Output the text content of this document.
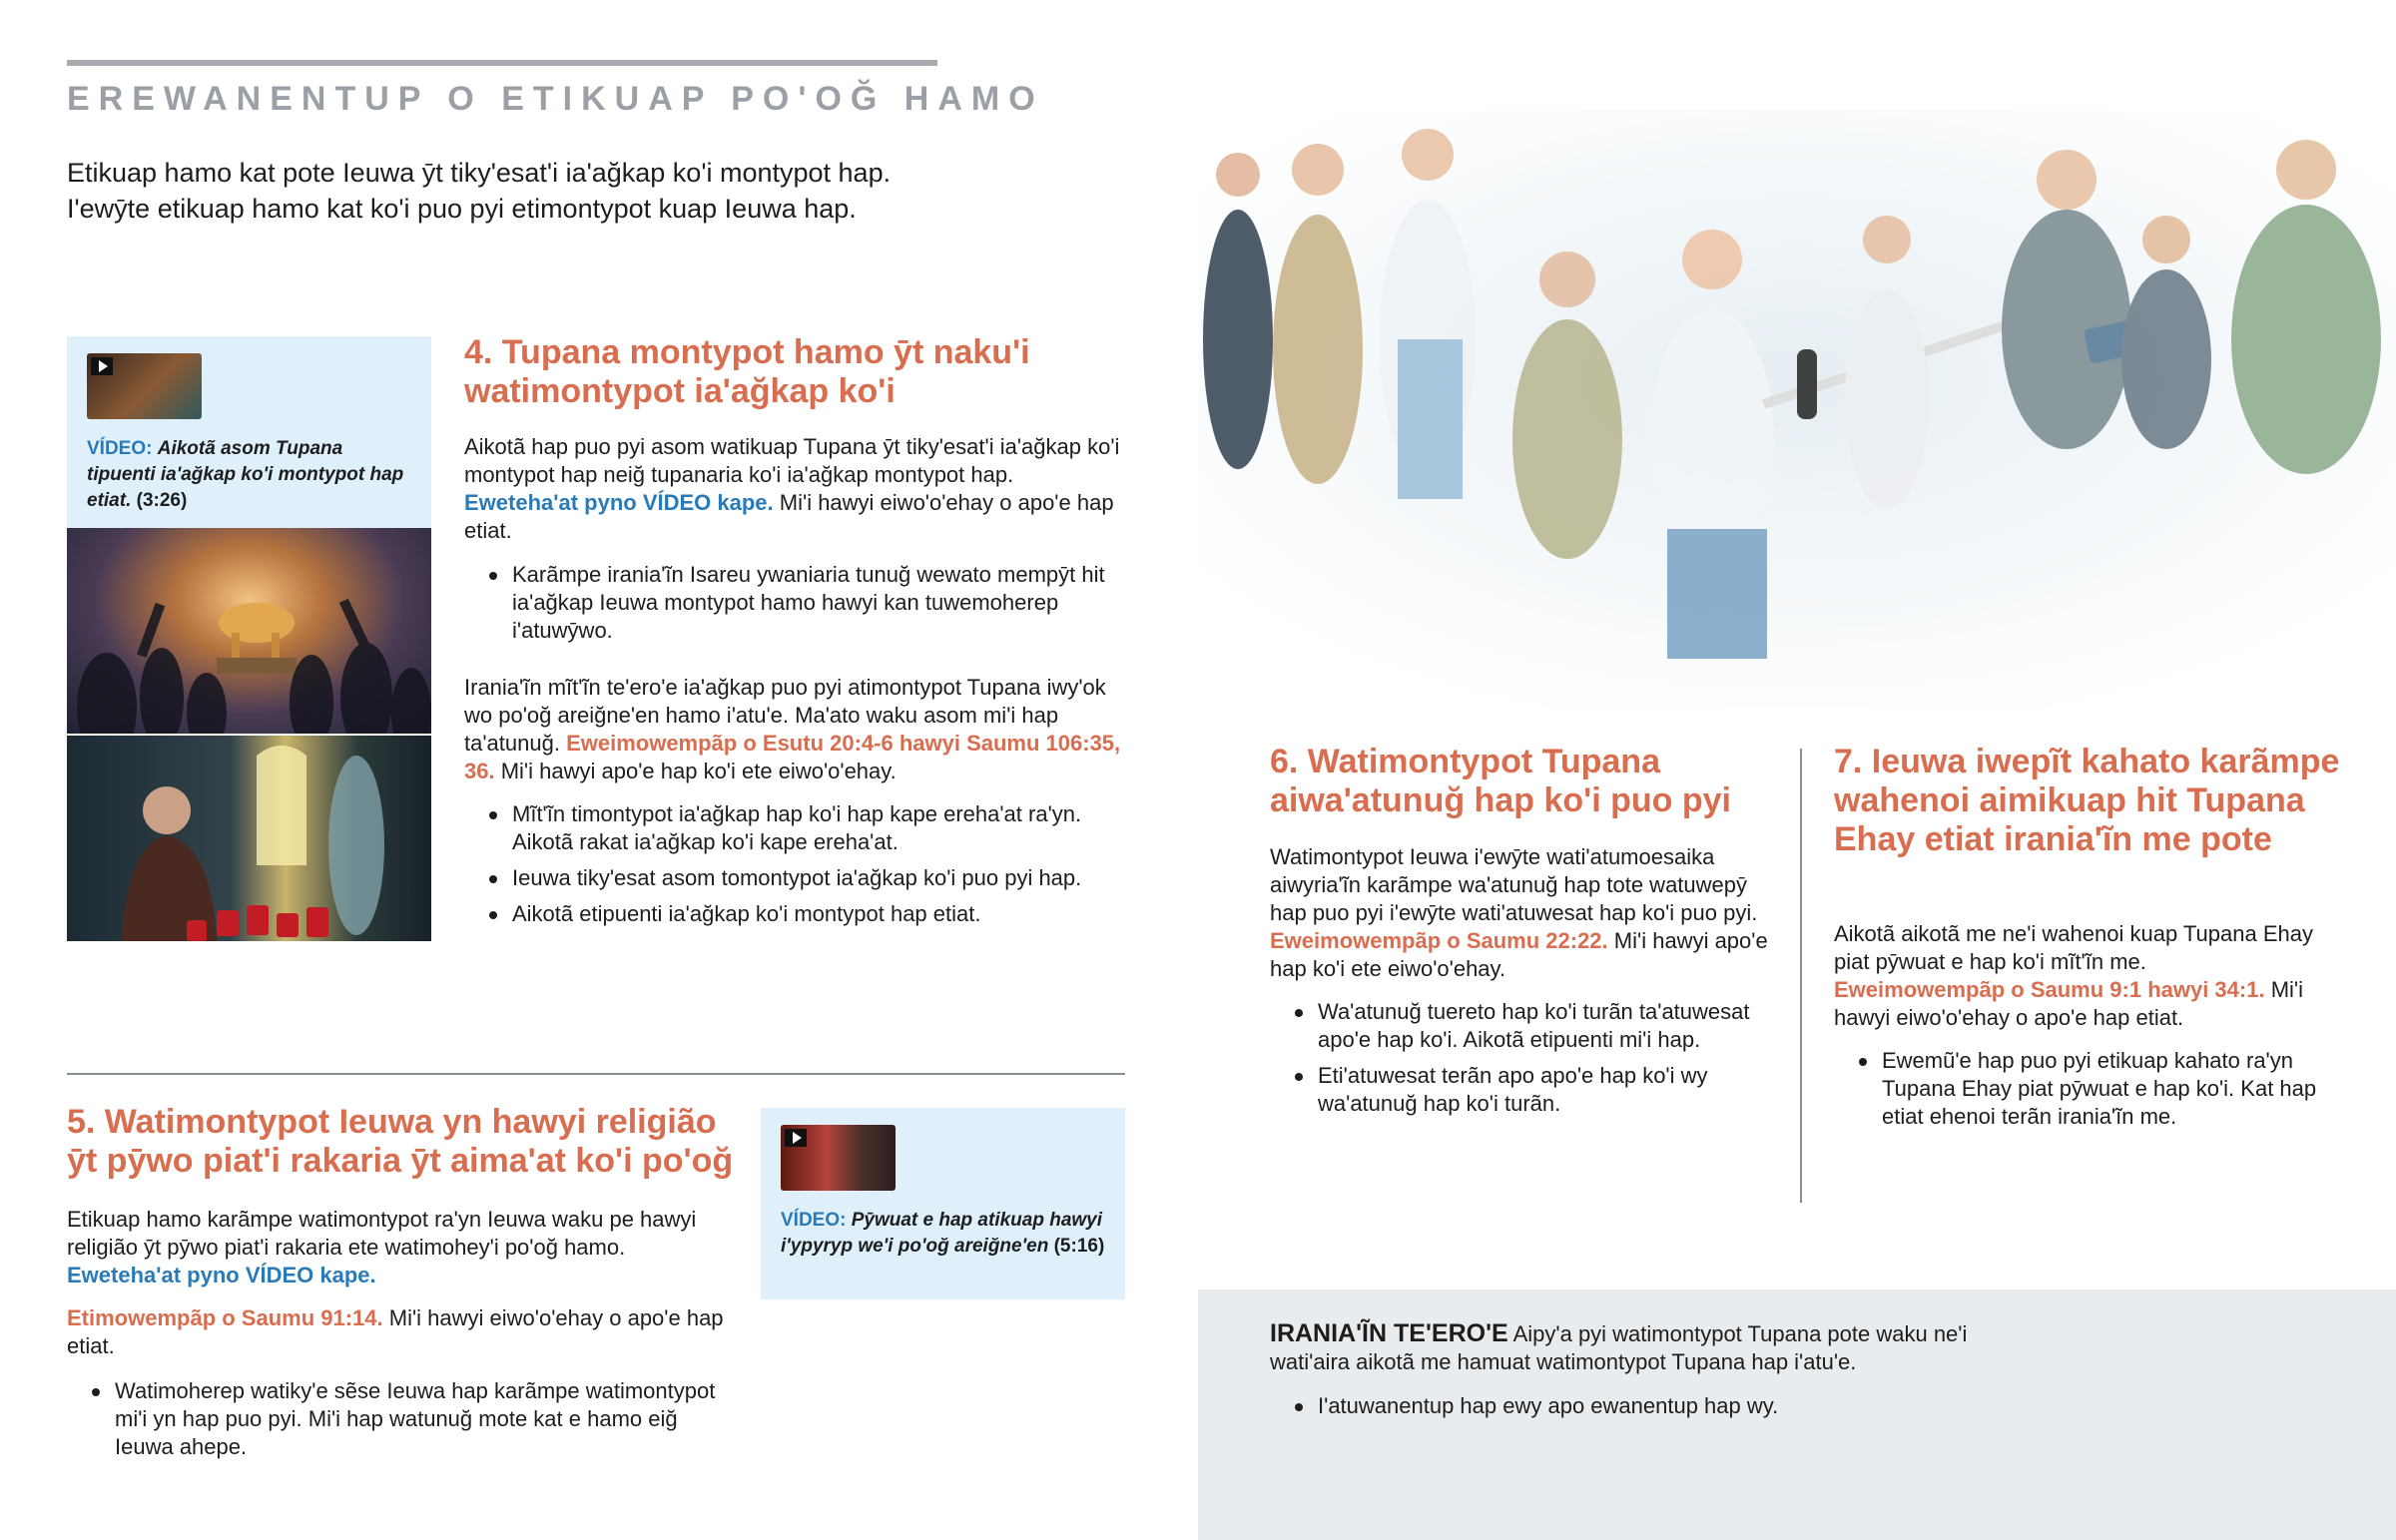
EREWANENTUP O ETIKUAP PO'OĞ HAMO
Etikuap hamo kat pote Ieuwa ӯt tiky'esat'i ia'ağkap ko'i montypot hap.
I'ewӯte etikuap hamo kat ko'i puo pyi etimontypot kuap Ieuwa hap.
VÍDEO: Aikotã asom Tupana tipuenti ia'ağkap ko'i montypot hap etiat. (3:26)
4. Tupana montypot hamo ӯt naku'i watimontypot ia'ağkap ko'i
Aikotã hap puo pyi asom watikuap Tupana ӯt tiky'esat'i ia'ağkap ko'i montypot hap neiğ tupanaria ko'i ia'ağkap montypot hap. Eweteha'at pyno VÍDEO kape. Mi'i hawyi eiwo'o'ehay o apo'e hap etiat.
Karãmpe irania'ĩn Isareu ywaniaria tunuğ wewato mempӯt hit ia'ağkap Ieuwa montypot hamo hawyi kan tuwemoherep i'atuwӯwo.
Irania'ĩn mĩt'ĩn te'ero'e ia'ağkap puo pyi atimontypot Tupana iwy'ok wo po'oğ areiğne'en hamo i'atu'e. Ma'ato waku asom mi'i hap ta'atunuğ. Eweimowempãp o Esutu 20:4-6 hawyi Saumu 106:35, 36. Mi'i hawyi apo'e hap ko'i ete eiwo'o'ehay.
Mĩt'ĩn timontypot ia'ağkap hap ko'i hap kape ereha'at ra'yn. Aikotã rakat ia'ağkap ko'i kape ereha'at.
Ieuwa tiky'esat asom tomontypot ia'ağkap ko'i puo pyi hap.
Aikotã etipuenti ia'ağkap ko'i montypot hap etiat.
5. Watimontypot Ieuwa yn hawyi religião ӯt pӯwo piat'i rakaria ӯt aima'at ko'i po'oğ
Etikuap hamo karãmpe watimontypot ra'yn Ieuwa waku pe hawyi religião ӯt pӯwo piat'i rakaria ete watimohey'i po'oğ hamo. Eweteha'at pyno VÍDEO kape.
Etimowempãp o Saumu 91:14. Mi'i hawyi eiwo'o'ehay o apo'e hap etiat.
Watimoherep watiky'e sẽse Ieuwa hap karãmpe watimontypot mi'i yn hap puo pyi. Mi'i hap watunuğ mote kat e hamo eiğ Ieuwa ahepe.
VÍDEO: Pӯwuat e hap atikuap hawyi i'ypyryp we'i po'oğ areiğne'en (5:16)
6. Watimontypot Tupana aiwa'atunuğ hap ko'i puo pyi
Watimontypot Ieuwa i'ewӯte wati'atumoesaika aiwyria'ĩn karãmpe wa'atunuğ hap tote watuwepӯ hap puo pyi i'ewӯte wati'atuwesat hap ko'i puo pyi. Eweimowempãp o Saumu 22:22. Mi'i hawyi apo'e hap ko'i ete eiwo'o'ehay.
Wa'atunuğ tuereto hap ko'i turãn ta'atuwesat apo'e hap ko'i. Aikotã etipuenti mi'i hap.
Eti'atuwesat terãn apo apo'e hap ko'i wy wa'atunuğ hap ko'i turãn.
7. Ieuwa iwepĩt kahato karãmpe wahenoi aimikuap hit Tupana Ehay etiat irania'ĩn me pote
Aikotã aikotã me ne'i wahenoi kuap Tupana Ehay piat pӯwuat e hap ko'i mĩt'ĩn me. Eweimowempãp o Saumu 9:1 hawyi 34:1. Mi'i hawyi eiwo'o'ehay o apo'e hap etiat.
Ewemũ'e hap puo pyi etikuap kahato ra'yn Tupana Ehay piat pӯwuat e hap ko'i. Kat hap etiat ehenoi terãn irania'ĩn me.
IRANIA'ĨN TE'ERO'E Aipy'a pyi watimontypot Tupana pote waku ne'i wati'aira aikotã me hamuat watimontypot Tupana hap i'atu'e.
I'atuwanentup hap ewy apo ewanentup hap wy.
